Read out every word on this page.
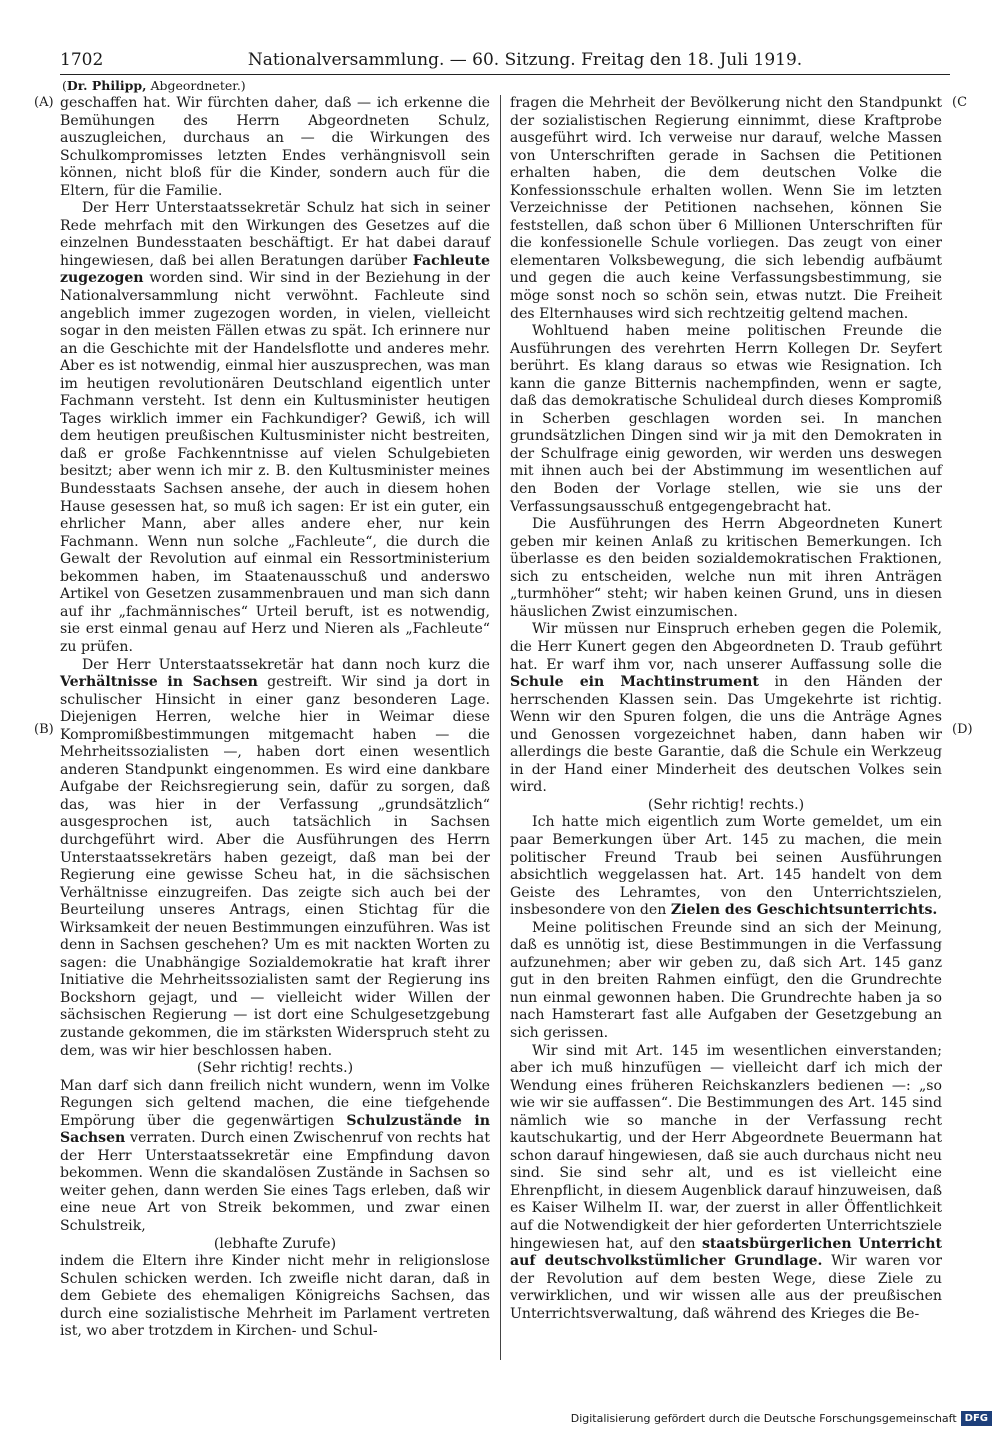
1702	Nationalversammlung. — 60. Sitzung. Freitag den 18. Juli 1919.
(Dr. Philipp, Abgeordneter.)
(A)
(B)
(C
(D)

geschaffen hat. Wir fürchten daher, daß — ich erkenne die Bemühungen des Herrn Abgeordneten Schulz, auszugleichen, durchaus an — die Wirkungen des Schulkompromisses letzten Endes verhängnisvoll sein können, nicht bloß für die Kinder, sondern auch für die Eltern, für die Familie.

Der Herr Unterstaatssekretär Schulz hat sich in seiner Rede mehrfach mit den Wirkungen des Gesetzes auf die einzelnen Bundesstaaten beschäftigt. Er hat dabei darauf hingewiesen, daß bei allen Beratungen darüber Fachleute zugezogen worden sind. Wir sind in der Beziehung in der Nationalversammlung nicht verwöhnt. Fachleute sind angeblich immer zugezogen worden, in vielen, vielleicht sogar in den meisten Fällen etwas zu spät. Ich erinnere nur an die Geschichte mit der Handelsflotte und anderes mehr. Aber es ist notwendig, einmal hier auszusprechen, was man im heutigen revolutionären Deutschland eigentlich unter Fachmann versteht. Ist denn ein Kultusminister heutigen Tages wirklich immer ein Fachkundiger? Gewiß, ich will dem heutigen preußischen Kultusminister nicht bestreiten, daß er große Fachkenntnisse auf vielen Schulgebieten besitzt; aber wenn ich mir z. B. den Kultusminister meines Bundesstaats Sachsen ansehe, der auch in diesem hohen Hause gesessen hat, so muß ich sagen: Er ist ein guter, ein ehrlicher Mann, aber alles andere eher, nur kein Fachmann. Wenn nun solche „Fachleute“, die durch die Gewalt der Revolution auf einmal ein Ressortministerium bekommen haben, im Staatenausschuß und anderswo Artikel von Gesetzen zusammenbrauen und man sich dann auf ihr „fachmännisches“ Urteil beruft, ist es notwendig, sie erst einmal genau auf Herz und Nieren als „Fachleute“ zu prüfen.

Der Herr Unterstaatssekretär hat dann noch kurz die Verhältnisse in Sachsen gestreift. Wir sind ja dort in schulischer Hinsicht in einer ganz besonderen Lage. Diejenigen Herren, welche hier in Weimar diese Kompromißbestimmungen mitgemacht haben — die Mehrheitssozialisten —, haben dort einen wesentlich anderen Standpunkt eingenommen. Es wird eine dankbare Aufgabe der Reichsregierung sein, dafür zu sorgen, daß das, was hier in der Verfassung „grundsätzlich“ ausgesprochen ist, auch tatsächlich in Sachsen durchgeführt wird. Aber die Ausführungen des Herrn Unterstaatssekretärs haben gezeigt, daß man bei der Regierung eine gewisse Scheu hat, in die sächsischen Verhältnisse einzugreifen. Das zeigte sich auch bei der Beurteilung unseres Antrags, einen Stichtag für die Wirksamkeit der neuen Bestimmungen einzuführen. Was ist denn in Sachsen geschehen? Um es mit nackten Worten zu sagen: die Unabhängige Sozialdemokratie hat kraft ihrer Initiative die Mehrheitssozialisten samt der Regierung ins Bockshorn gejagt, und — vielleicht wider Willen der sächsischen Regierung — ist dort eine Schulgesetzgebung zustande gekommen, die im stärksten Widerspruch steht zu dem, was wir hier beschlossen haben.

(Sehr richtig! rechts.)

Man darf sich dann freilich nicht wundern, wenn im Volke Regungen sich geltend machen, die eine tiefgehende Empörung über die gegenwärtigen Schulzustände in Sachsen verraten. Durch einen Zwischenruf von rechts hat der Herr Unterstaatssekretär eine Empfindung davon bekommen. Wenn die skandalösen Zustände in Sachsen so weiter gehen, dann werden Sie eines Tags erleben, daß wir eine neue Art von Streik bekommen, und zwar einen Schulstreik,

(lebhafte Zurufe)

indem die Eltern ihre Kinder nicht mehr in religionslose Schulen schicken werden. Ich zweifle nicht daran, daß in dem Gebiete des ehemaligen Königreichs Sachsen, das durch eine sozialistische Mehrheit im Parlament vertreten ist, wo aber trotzdem in Kirchen- und Schul-

fragen die Mehrheit der Bevölkerung nicht den Standpunkt der sozialistischen Regierung einnimmt, diese Kraftprobe ausgeführt wird. Ich verweise nur darauf, welche Massen von Unterschriften gerade in Sachsen die Petitionen erhalten haben, die dem deutschen Volke die Konfessionsschule erhalten wollen. Wenn Sie im letzten Verzeichnisse der Petitionen nachsehen, können Sie feststellen, daß schon über 6 Millionen Unterschriften für die konfessionelle Schule vorliegen. Das zeugt von einer elementaren Volksbewegung, die sich lebendig aufbäumt und gegen die auch keine Verfassungsbestimmung, sie möge sonst noch so schön sein, etwas nutzt. Die Freiheit des Elternhauses wird sich rechtzeitig geltend machen.

Wohltuend haben meine politischen Freunde die Ausführungen des verehrten Herrn Kollegen Dr. Seyfert berührt. Es klang daraus so etwas wie Resignation. Ich kann die ganze Bitternis nachempfinden, wenn er sagte, daß das demokratische Schulideal durch dieses Kompromiß in Scherben geschlagen worden sei. In manchen grundsätzlichen Dingen sind wir ja mit den Demokraten in der Schulfrage einig geworden, wir werden uns deswegen mit ihnen auch bei der Abstimmung im wesentlichen auf den Boden der Vorlage stellen, wie sie uns der Verfassungsausschuß entgegengebracht hat.

Die Ausführungen des Herrn Abgeordneten Kunert geben mir keinen Anlaß zu kritischen Bemerkungen. Ich überlasse es den beiden sozialdemokratischen Fraktionen, sich zu entscheiden, welche nun mit ihren Anträgen „turmhöher“ steht; wir haben keinen Grund, uns in diesen häuslichen Zwist einzumischen.

Wir müssen nur Einspruch erheben gegen die Polemik, die Herr Kunert gegen den Abgeordneten D. Traub geführt hat. Er warf ihm vor, nach unserer Auffassung solle die Schule ein Machtinstrument in den Händen der herrschenden Klassen sein. Das Umgekehrte ist richtig. Wenn wir den Spuren folgen, die uns die Anträge Agnes und Genossen vorgezeichnet haben, dann haben wir allerdings die beste Garantie, daß die Schule ein Werkzeug in der Hand einer Minderheit des deutschen Volkes sein wird.

(Sehr richtig! rechts.)

Ich hatte mich eigentlich zum Worte gemeldet, um ein paar Bemerkungen über Art. 145 zu machen, die mein politischer Freund Traub bei seinen Ausführungen absichtlich weggelassen hat. Art. 145 handelt von dem Geiste des Lehramtes, von den Unterrichtszielen, insbesondere von den Zielen des Geschichtsunterrichts.

Meine politischen Freunde sind an sich der Meinung, daß es unnötig ist, diese Bestimmungen in die Verfassung aufzunehmen; aber wir geben zu, daß sich Art. 145 ganz gut in den breiten Rahmen einfügt, den die Grundrechte nun einmal gewonnen haben. Die Grundrechte haben ja so nach Hamsterart fast alle Aufgaben der Gesetzgebung an sich gerissen.

Wir sind mit Art. 145 im wesentlichen einverstanden; aber ich muß hinzufügen — vielleicht darf ich mich der Wendung eines früheren Reichskanzlers bedienen —: „so wie wir sie auffassen“. Die Bestimmungen des Art. 145 sind nämlich wie so manche in der Verfassung recht kautschukartig, und der Herr Abgeordnete Beuermann hat schon darauf hingewiesen, daß sie auch durchaus nicht neu sind. Sie sind sehr alt, und es ist vielleicht eine Ehrenpflicht, in diesem Augenblick darauf hinzuweisen, daß es Kaiser Wilhelm II. war, der zuerst in aller Öffentlichkeit auf die Notwendigkeit der hier geforderten Unterrichtsziele hingewiesen hat, auf den staatsbürgerlichen Unterricht auf deutschvolkstümlicher Grundlage. Wir waren vor der Revolution auf dem besten Wege, diese Ziele zu verwirklichen, und wir wissen alle aus der preußischen Unterrichtsverwaltung, daß während des Krieges die Be-

Digitalisierung gefördert durch die Deutsche Forschungsgemeinschaft DFG
